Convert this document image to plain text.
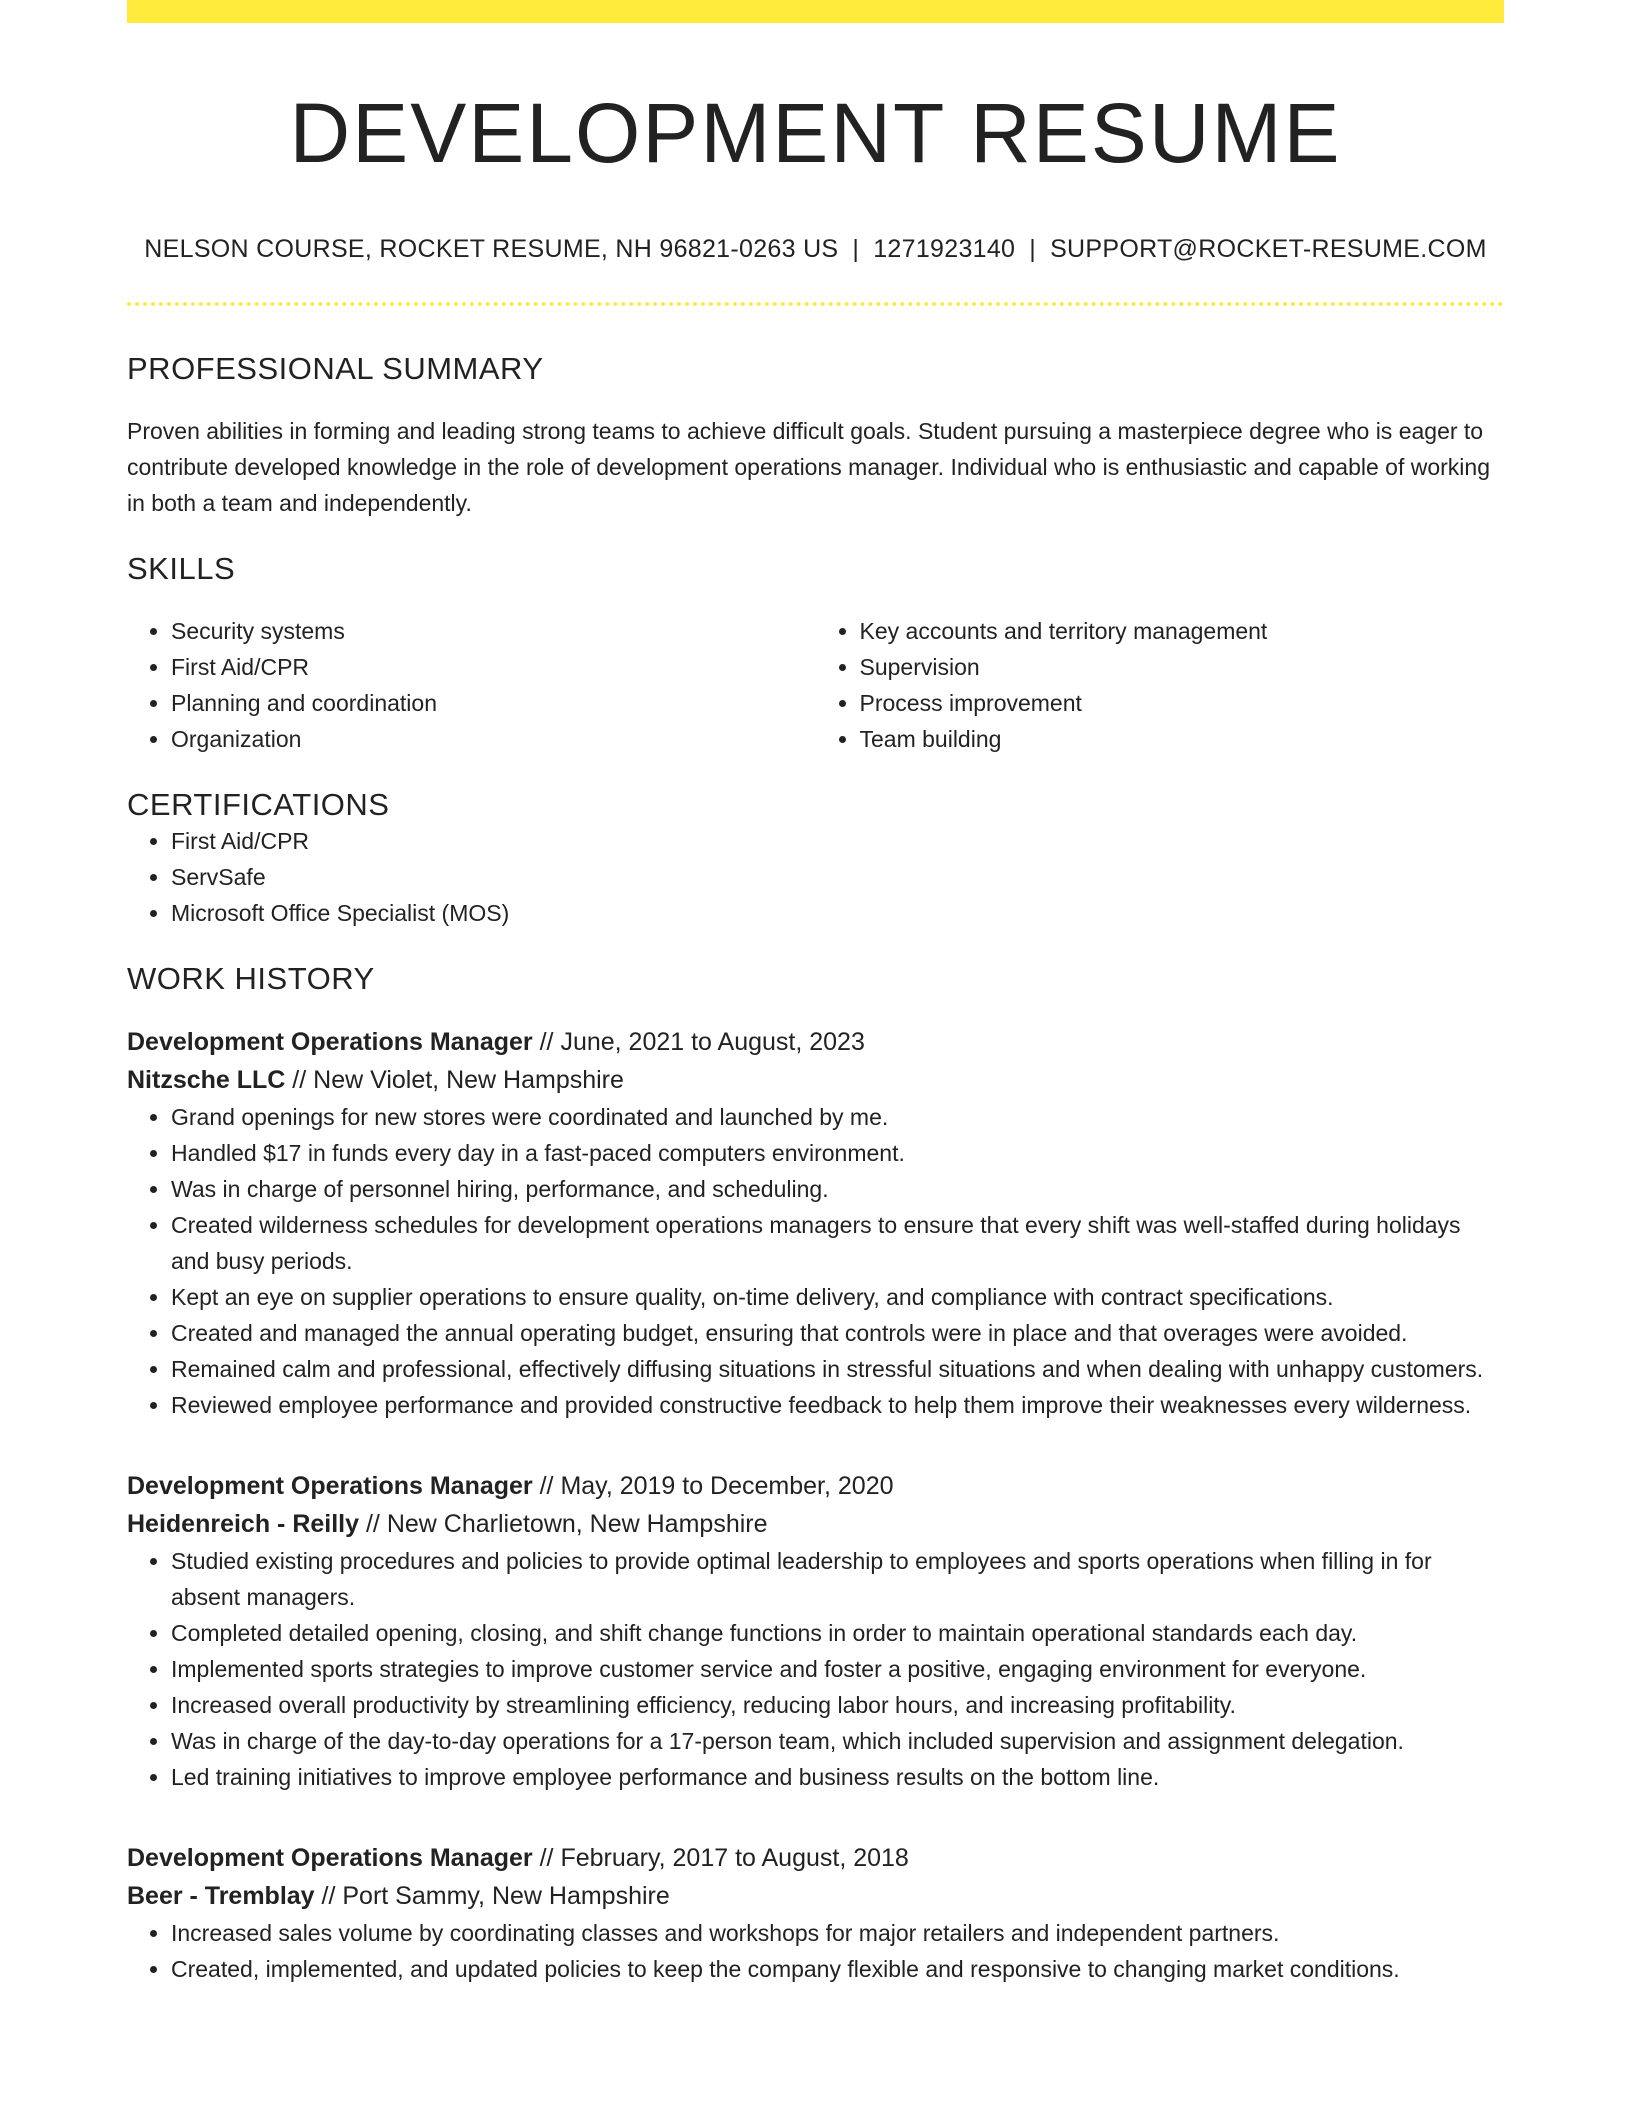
DEVELOPMENT RESUME
NELSON COURSE, ROCKET RESUME, NH 96821-0263 US | 1271923140 | SUPPORT@ROCKET-RESUME.COM
PROFESSIONAL SUMMARY
Proven abilities in forming and leading strong teams to achieve difficult goals. Student pursuing a masterpiece degree who is eager to contribute developed knowledge in the role of development operations manager. Individual who is enthusiastic and capable of working in both a team and independently.
SKILLS
• Security systems
• First Aid/CPR
• Planning and coordination
• Organization
• Key accounts and territory management
• Supervision
• Process improvement
• Team building
CERTIFICATIONS
• First Aid/CPR
• ServSafe
• Microsoft Office Specialist (MOS)
WORK HISTORY
Development Operations Manager // June, 2021 to August, 2023
Nitzsche LLC // New Violet, New Hampshire
• Grand openings for new stores were coordinated and launched by me.
• Handled $17 in funds every day in a fast-paced computers environment.
• Was in charge of personnel hiring, performance, and scheduling.
• Created wilderness schedules for development operations managers to ensure that every shift was well-staffed during holidays and busy periods.
• Kept an eye on supplier operations to ensure quality, on-time delivery, and compliance with contract specifications.
• Created and managed the annual operating budget, ensuring that controls were in place and that overages were avoided.
• Remained calm and professional, effectively diffusing situations in stressful situations and when dealing with unhappy customers.
• Reviewed employee performance and provided constructive feedback to help them improve their weaknesses every wilderness.
Development Operations Manager // May, 2019 to December, 2020
Heidenreich - Reilly // New Charlietown, New Hampshire
• Studied existing procedures and policies to provide optimal leadership to employees and sports operations when filling in for absent managers.
• Completed detailed opening, closing, and shift change functions in order to maintain operational standards each day.
• Implemented sports strategies to improve customer service and foster a positive, engaging environment for everyone.
• Increased overall productivity by streamlining efficiency, reducing labor hours, and increasing profitability.
• Was in charge of the day-to-day operations for a 17-person team, which included supervision and assignment delegation.
• Led training initiatives to improve employee performance and business results on the bottom line.
Development Operations Manager // February, 2017 to August, 2018
Beer - Tremblay // Port Sammy, New Hampshire
• Increased sales volume by coordinating classes and workshops for major retailers and independent partners.
• Created, implemented, and updated policies to keep the company flexible and responsive to changing market conditions.
